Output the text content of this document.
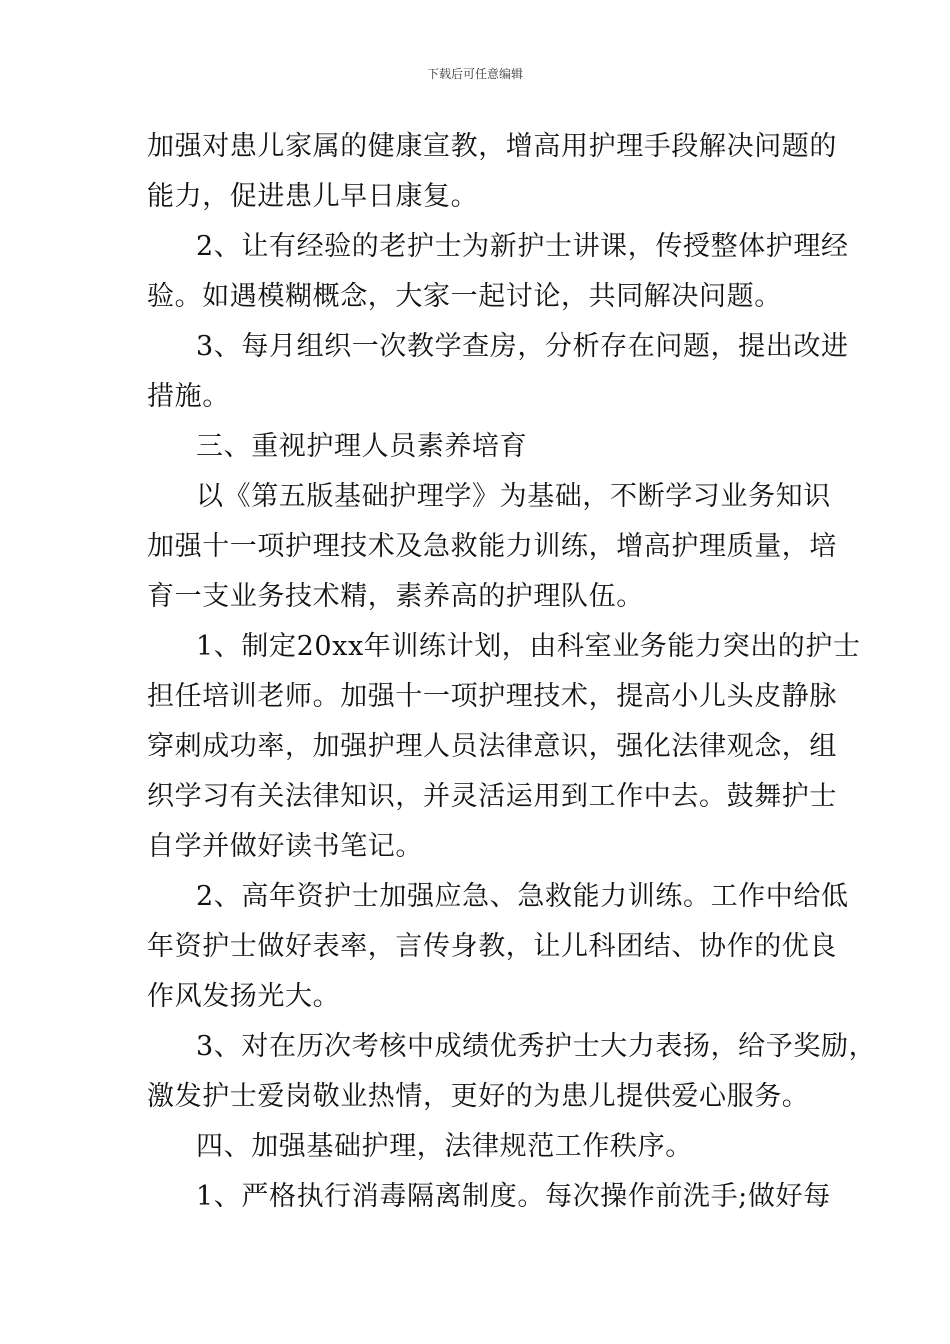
下载后可任意编辑
加强对患儿家属的健康宣教，增高用护理手段解决问题的
能力，促进患儿早日康复。
2、让有经验的老护士为新护士讲课，传授整体护理经
验。如遇模糊概念，大家一起讨论，共同解决问题。
3、每月组织一次教学查房，分析存在问题，提出改进
措施。
三、重视护理人员素养培育
以《第五版基础护理学》为基础，不断学习业务知识
加强十一项护理技术及急救能力训练，增高护理质量，培
育一支业务技术精，素养高的护理队伍。
1、制定20xx年训练计划，由科室业务能力突出的护士
担任培训老师。加强十一项护理技术，提高小儿头皮静脉
穿刺成功率，加强护理人员法律意识，强化法律观念，组
织学习有关法律知识，并灵活运用到工作中去。鼓舞护士
自学并做好读书笔记。
2、高年资护士加强应急、急救能力训练。工作中给低
年资护士做好表率，言传身教，让儿科团结、协作的优良
作风发扬光大。
3、对在历次考核中成绩优秀护士大力表扬，给予奖励，
激发护士爱岗敬业热情，更好的为患儿提供爱心服务。
四、加强基础护理，法律规范工作秩序。
1、严格执行消毒隔离制度。每次操作前洗手;做好每
